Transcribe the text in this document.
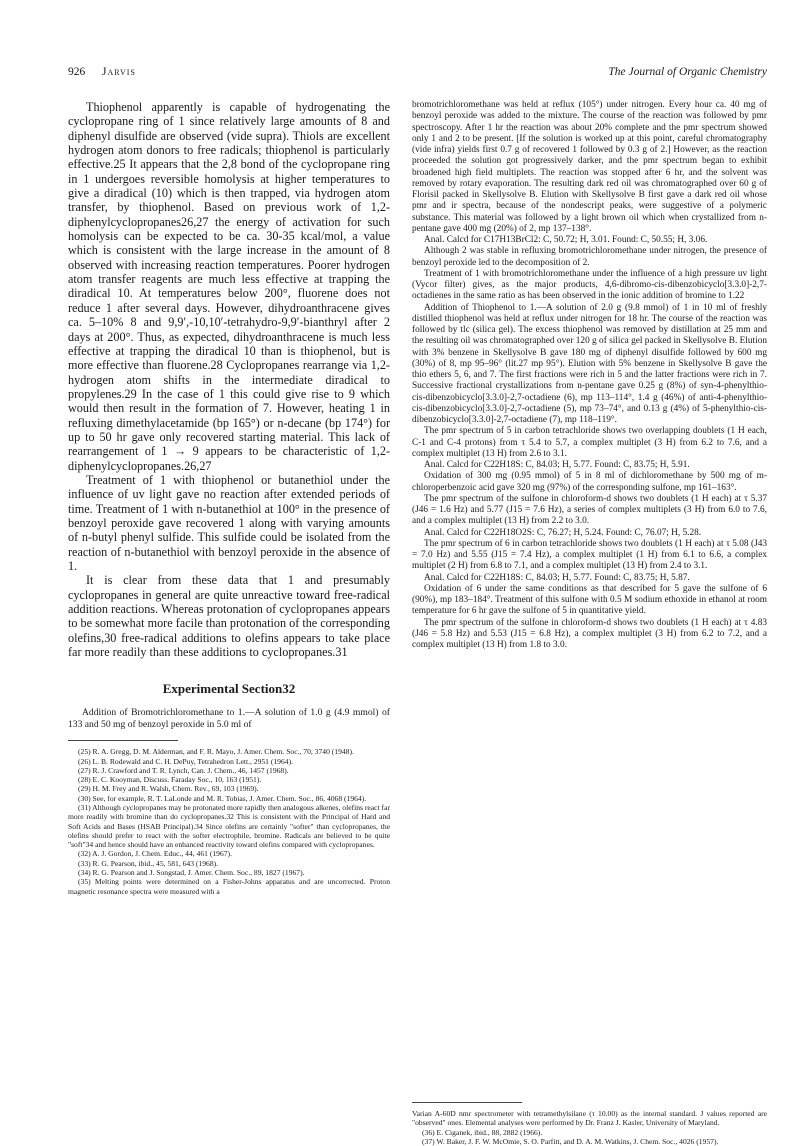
926 Jarvis	The Journal of Organic Chemistry

Thiophenol apparently is capable of hydrogenating the cyclopropane ring of 1 since relatively large amounts of 8 and diphenyl disulfide are observed (vide supra). Thiols are excellent hydrogen atom donors to free radicals; thiophenol is particularly effective.25 It appears that the 2,8 bond of the cyclopropane ring in 1 undergoes reversible homolysis at higher temperatures to give a diradical (10) which is then trapped, via hydrogen atom transfer, by thiophenol. Based on previous work of 1,2-diphenylcyclopropanes26,27 the energy of activation for such homolysis can be expected to be ca. 30-35 kcal/mol, a value which is consistent with the large increase in the amount of 8 observed with increasing reaction temperatures. Poorer hydrogen atom transfer reagents are much less effective at trapping the diradical 10. At temperatures below 200°, fluorene does not reduce 1 after several days. However, dihydroanthracene gives ca. 5–10% 8 and 9,9′,-10,10′-tetrahydro-9,9′-bianthryl after 2 days at 200°. Thus, as expected, dihydroanthracene is much less effective at trapping the diradical 10 than is thiophenol, but is more effective than fluorene.28 Cyclopropanes rearrange via 1,2-hydrogen atom shifts in the intermediate diradical to propylenes.29 In the case of 1 this could give rise to 9 which would then result in the formation of 7. However, heating 1 in refluxing dimethylacetamide (bp 165°) or n-decane (bp 174°) for up to 50 hr gave only recovered starting material. This lack of rearrangement of 1 → 9 appears to be characteristic of 1,2-diphenylcyclopropanes.26,27

Treatment of 1 with thiophenol or butanethiol under the influence of uv light gave no reaction after extended periods of time. Treatment of 1 with n-butanethiol at 100° in the presence of benzoyl peroxide gave recovered 1 along with varying amounts of n-butyl phenyl sulfide. This sulfide could be isolated from the reaction of n-butanethiol with benzoyl peroxide in the absence of 1.

It is clear from these data that 1 and presumably cyclopropanes in general are quite unreactive toward free-radical addition reactions. Whereas protonation of cyclopropanes appears to be somewhat more facile than protonation of the corresponding olefins,30 free-radical additions to olefins appears to take place far more readily than these additions to cyclopropanes.31

Experimental Section32

Addition of Bromotrichloromethane to 1.—A solution of 1.0 g (4.9 mmol) of 133 and 50 mg of benzoyl peroxide in 5.0 ml of

(25) R. A. Gregg, D. M. Alderman, and F. R. Mayo, J. Amer. Chem. Soc., 70, 3740 (1948).

(26) L. B. Rodewald and C. H. DePuy, Tetrahedron Lett., 2951 (1964).

(27) R. J. Crawford and T. R. Lynch, Can. J. Chem., 46, 1457 (1968).

(28) E. C. Kooyman, Discuss. Faraday Soc., 10, 163 (1951).

(29) H. M. Frey and R. Walsh, Chem. Rev., 69, 103 (1969).

(30) See, for example, R. T. LaLonde and M. R. Tobias, J. Amer. Chem. Soc., 86, 4068 (1964).

(31) Although cyclopropanes may be protonated more rapidly then analogous alkenes, olefins react far more readily with bromine than do cyclopropanes.32 This is consistent with the Principal of Hard and Soft Acids and Bases (HSAB Principal).34 Since olefins are certainly "softer" than cyclopropanes, the olefins should prefer to react with the softer electrophile, bromine. Radicals are believed to be quite "soft"34 and hence should have an enhanced reactivity toward olefins compared with cyclopropanes.

(32) A. J. Gordon, J. Chem. Educ., 44, 461 (1967).

(33) R. G. Pearson, ibid., 45, 581, 643 (1968).

(34) R. G. Pearson and J. Songstad, J. Amer. Chem. Soc., 89, 1827 (1967).

(35) Melting points were determined on a Fisher-Johns apparatus and are uncorrected. Proton magnetic resonance spectra were measured with a

bromotrichloromethane was held at reflux (105°) under nitrogen. Every hour ca. 40 mg of benzoyl peroxide was added to the mixture. The course of the reaction was followed by pmr spectroscopy. After 1 hr the reaction was about 20% complete and the pmr spectrum showed only 1 and 2 to be present. [If the solution is worked up at this point, careful chromatography (vide infra) yields first 0.7 g of recovered 1 followed by 0.3 g of 2.] However, as the reaction proceeded the solution got progressively darker, and the pmr spectrum began to exhibit broadened high field multiplets. The reaction was stopped after 6 hr, and the solvent was removed by rotary evaporation. The resulting dark red oil was chromatographed over 60 g of Florisil packed in Skellysolve B. Elution with Skellysolve B first gave a dark red oil whose pmr and ir spectra, because of the nondescript peaks, were suggestive of a polymeric substance. This material was followed by a light brown oil which when crystallized from n-pentane gave 400 mg (20%) of 2, mp 137–138°.

Anal. Calcd for C17H13BrCl2: C, 50.72; H, 3.01. Found: C, 50.55; H, 3.06.

Although 2 was stable in refluxing bromotrichloromethane under nitrogen, the presence of benzoyl peroxide led to the decomposition of 2.

Treatment of 1 with bromotrichloromethane under the influence of a high pressure uv light (Vycor filter) gives, as the major products, 4,6-dibromo-cis-dibenzobicyclo[3.3.0]-2,7-octadienes in the same ratio as has been observed in the ionic addition of bromine to 1.22

Addition of Thiophenol to 1.—A solution of 2.0 g (9.8 mmol) of 1 in 10 ml of freshly distilled thiophenol was held at reflux under nitrogen for 18 hr. The course of the reaction was followed by tlc (silica gel). The excess thiophenol was removed by distillation at 25 mm and the resulting oil was chromatographed over 120 g of silica gel packed in Skellysolve B. Elution with 3% benzene in Skellysolve B gave 180 mg of diphenyl disulfide followed by 600 mg (30%) of 8, mp 95–96° (lit.27 mp 95°). Elution with 5% benzene in Skellysolve B gave the thio ethers 5, 6, and 7. The first fractions were rich in 5 and the latter fractions were rich in 7. Successive fractional crystallizations from n-pentane gave 0.25 g (8%) of syn-4-phenylthio-cis-dibenzobicyclo[3.3.0]-2,7-octadiene (6), mp 113–114°, 1.4 g (46%) of anti-4-phenylthio-cis-dibenzobicyclo[3.3.0]-2,7-octadiene (5), mp 73–74°, and 0.13 g (4%) of 5-phenylthio-cis-dibenzobicyclo[3.3.0]-2,7-octadiene (7), mp 118–119°.

The pmr spectrum of 5 in carbon tetrachloride shows two overlapping doublets (1 H each, C-1 and C-4 protons) from τ 5.4 to 5.7, a complex multiplet (3 H) from 6.2 to 7.6, and a complex multiplet (13 H) from 2.6 to 3.1.

Anal. Calcd for C22H18S: C, 84.03; H, 5.77. Found: C, 83.75; H, 5.91.

Oxidation of 300 mg (0.95 mmol) of 5 in 8 ml of dichloromethane by 500 mg of m-chloroperbenzoic acid gave 320 mg (97%) of the corresponding sulfone, mp 161–163°.

The pmr spectrum of the sulfone in chloroform-d shows two doublets (1 H each) at τ 5.37 (J46 = 1.6 Hz) and 5.77 (J15 = 7.6 Hz), a series of complex multiplets (3 H) from 6.0 to 7.6, and a complex multiplet (13 H) from 2.2 to 3.0.

Anal. Calcd for C22H18O2S: C, 76.27; H, 5.24. Found: C, 76.07; H, 5.28.

The pmr spectrum of 6 in carbon tetrachloride shows two doublets (1 H each) at τ 5.08 (J43 = 7.0 Hz) and 5.55 (J15 = 7.4 Hz), a complex multiplet (1 H) from 6.1 to 6.6, a complex multiplet (2 H) from 6.8 to 7.1, and a complex multiplet (13 H) from 2.4 to 3.1.

Anal. Calcd for C22H18S: C, 84.03; H, 5.77. Found: C, 83.75; H, 5.87.

Oxidation of 6 under the same conditions as that described for 5 gave the sulfone of 6 (90%), mp 183–184°. Treatment of this sulfone with 0.5 M sodium ethoxide in ethanol at room temperature for 6 hr gave the sulfone of 5 in quantitative yield.

The pmr spectrum of the sulfone in chloroform-d shows two doublets (1 H each) at τ 4.83 (J46 = 5.8 Hz) and 5.53 (J15 = 6.8 Hz), a complex multiplet (3 H) from 6.2 to 7.2, and a complex multiplet (13 H) from 1.8 to 3.0.

Varian A-60D nmr spectrometer with tetramethylsilane (τ 10.00) as the internal standard. J values reported are "observed" ones. Elemental analyses were performed by Dr. Franz J. Kasler, University of Maryland.

(36) E. Ciganek, ibid., 88, 2882 (1966).

(37) W. Baker, J. F. W. McOmie, S. O. Parfitt, and D. A. M. Watkins, J. Chem. Soc., 4026 (1957).
